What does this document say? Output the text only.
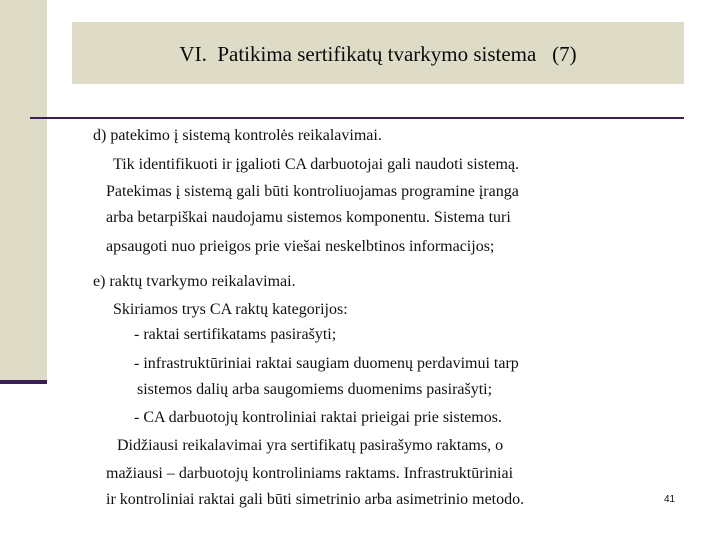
VI.  Patikima sertifikatų tvarkymo sistema   (7)
d) patekimo į sistemą kontrolės reikalavimai.
Tik identifikuoti ir įgalioti CA darbuotojai gali naudoti sistemą.
Patekimas į sistemą gali būti kontroliuojamas programine įranga
arba betarpiškai naudojamu sistemos komponentu. Sistema turi
apsaugoti nuo prieigos prie viešai neskelbtinos informacijos;
e) raktų tvarkymo reikalavimai.
Skiriamos trys CA raktų kategorijos:
- raktai sertifikatams pasirašyti;
- infrastruktūriniai raktai saugiam duomenų perdavimui tarp
sistemos dalių arba saugomiems duomenims pasirašyti;
- CA darbuotojų kontroliniai raktai prieigai prie sistemos.
Didžiausi reikalavimai yra sertifikatų pasirašymo raktams, o
mažiausi – darbuotojų kontroliniams raktams. Infrastruktūriniai
ir kontroliniai raktai gali būti simetrinio arba asimetrinio metodo.	41
